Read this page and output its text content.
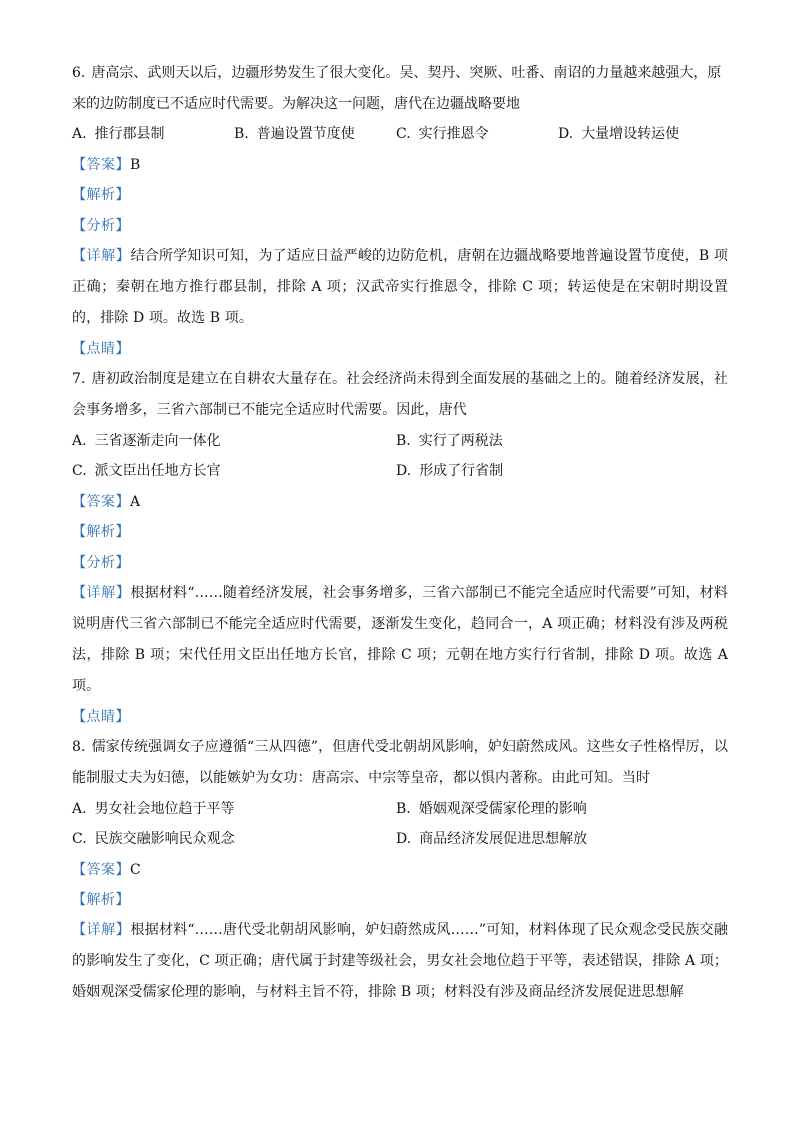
6. 唐高宗、武则天以后，边疆形势发生了很大变化。吴、契丹、突厥、吐番、南诏的力量越来越强大，原
来的边防制度已不适应时代需要。为解决这一问题，唐代在边疆战略要地
A. 推行郡县制	B. 普遍设置节度使	C. 实行推恩令	D. 大量增设转运使
【答案】B
【解析】
【分析】
【详解】结合所学知识可知，为了适应日益严峻的边防危机，唐朝在边疆战略要地普遍设置节度使，B 项正确；秦朝在地方推行郡县制，排除 A 项；汉武帝实行推恩令，排除 C 项；转运使是在宋朝时期设置的，排除 D 项。故选 B 项。
【点睛】
7. 唐初政治制度是建立在自耕农大量存在。社会经济尚未得到全面发展的基础之上的。随着经济发展，社会事务增多，三省六部制已不能完全适应时代需要。因此，唐代
A. 三省逐渐走向一体化	B. 实行了两税法
C. 派文臣出任地方长官	D. 形成了行省制
【答案】A
【解析】
【分析】
【详解】根据材料“……随着经济发展，社会事务增多，三省六部制已不能完全适应时代需要”可知，材料说明唐代三省六部制已不能完全适应时代需要，逐渐发生变化，趋同合一，A 项正确；材料没有涉及两税法，排除 B 项；宋代任用文臣出任地方长官，排除 C 项；元朝在地方实行行省制，排除 D 项。故选 A 项。
【点睛】
8. 儒家传统强调女子应遵循“三从四德”，但唐代受北朝胡风影响，妒妇蔚然成风。这些女子性格悍厉，以能制服丈夫为妇德，以能嫉妒为女功：唐高宗、中宗等皇帝，都以惧内著称。由此可知。当时
A. 男女社会地位趋于平等	B. 婚姻观深受儒家伦理的影响
C. 民族交融影响民众观念	D. 商品经济发展促进思想解放
【答案】C
【解析】
【详解】根据材料“……唐代受北朝胡风影响，妒妇蔚然成风……”可知，材料体现了民众观念受民族交融的影响发生了变化，C 项正确；唐代属于封建等级社会，男女社会地位趋于平等，表述错误，排除 A 项；婚姻观深受儒家伦理的影响，与材料主旨不符，排除 B 项；材料没有涉及商品经济发展促进思想解
